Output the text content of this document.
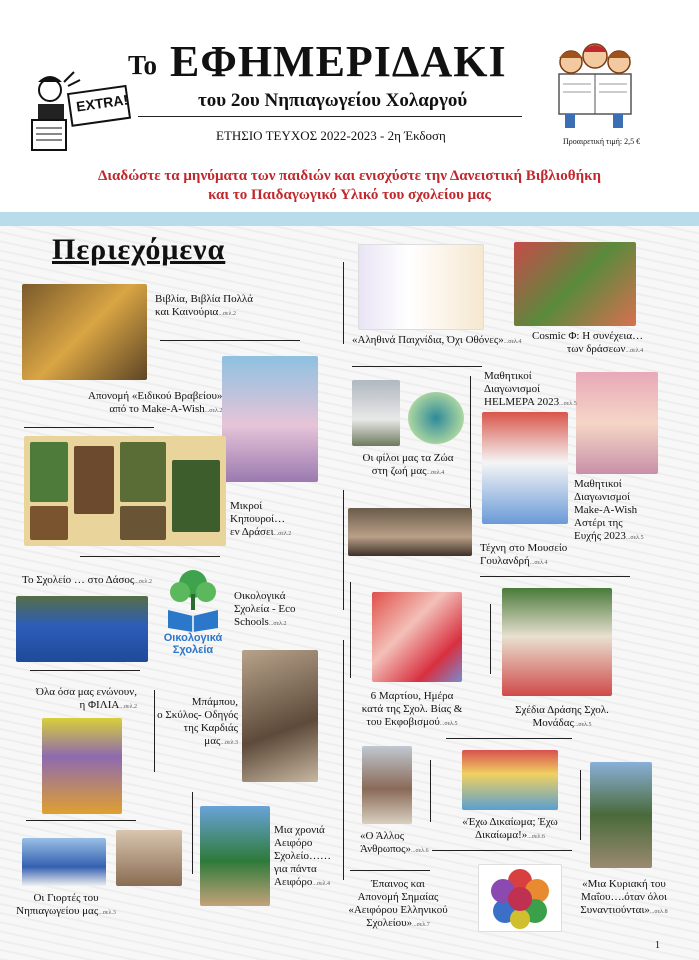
EXTRA!
Το ΕΦΗΜΕΡΙΔΑΚΙ
του 2ου Νηπιαγωγείου Χολαργού
ΕΤΗΣΙΟ ΤΕΥΧΟΣ 2022-2023 - 2η Έκδοση	Προαιρετική τιμή: 2,5 €
Διαδώστε τα μηνύματα των παιδιών και ενισχύστε την Δανειστική Βιβλιοθήκη
και το Παιδαγωγικό Υλικό του σχολείου μας
Περιεχόμενα
Οικολογικά
Σχολεία
Βιβλία, Βιβλία Πολλά
και Καινούρια...σελ.2
Απονομή «Ειδικού Βραβείου»
από το Make-A-Wish...σελ.2
Μικροί
Κηπουροί…
εν Δράσει...σελ.2
Το Σχολείο … στο Δάσος...σελ.2
Οικολογικά
Σχολεία - Eco
Schools...σελ.2
Όλα όσα μας ενώνουν,
η ΦΙΛΙΑ...σελ.2	Μπάμπου,
ο Σκύλος- Οδηγός
της Καρδιάς μας...σελ.3
Οι Γιορτές του
Νηπιαγωγείου μας...σελ.3
Μια χρονιά
Αειφόρο
Σχολείο……
για πάντα
Αειφόρο...σελ.4
«Αληθινά Παιχνίδια, Όχι Οθόνες»...σελ.4 Cosmic Φ: Η συνέχεια…
των δράσεων...σελ.4
Μαθητικοί
Διαγωνισμοί
HELMEPA 2023...σελ.5
Οι φίλοι μας τα Ζώα
στη ζωή μας...σελ.4
Μαθητικοί
Διαγωνισμοί
Make-A-Wish
Αστέρι της
Ευχής 2023...σελ.5
Τέχνη στο Μουσείο
Γουλανδρή...σελ.4
6 Μαρτίου, Ημέρα
κατά της Σχολ. Βίας &
του Εκφοβισμού...σελ.5
Σχέδια Δράσης Σχολ.
Μονάδας...σελ.5
«Ο Άλλος
Άνθρωπος»...σελ.6
«Έχω Δικαίωμα; Έχω
Δικαίωμα!»...σελ.6
Έπαινος και
Απονομή Σημαίας
«Αειφόρου Ελληνικού Σχολείου»...σελ.7
«Μια Κυριακή του
Μαΐου….όταν όλοι
Συναντιούνται»...σελ.8
1
